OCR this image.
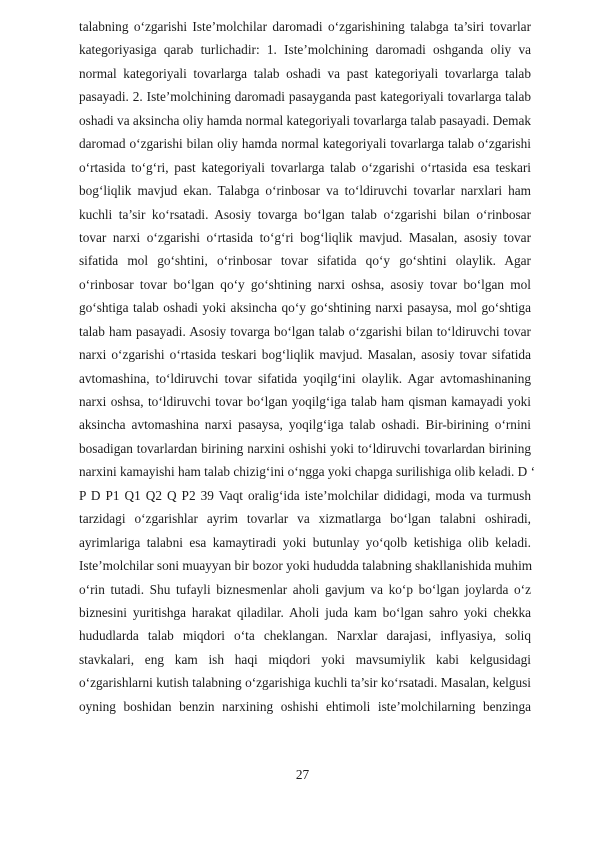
talabning o‘zgarishi Iste’molchilar daromadi o‘zgarishining talabga ta’siri tovarlar
kategoriyasiga qarab turlichadir: 1. Iste’molchining daromadi oshganda oliy va
normal kategoriyali tovarlarga talab oshadi va past kategoriyali tovarlarga talab
pasayadi. 2. Iste’molchining daromadi pasayganda past kategoriyali tovarlarga talab
oshadi va aksincha oliy hamda normal kategoriyali tovarlarga talab pasayadi. Demak
daromad o‘zgarishi bilan oliy hamda normal kategoriyali tovarlarga talab o‘zgarishi
o‘rtasida to‘g‘ri, past kategoriyali tovarlarga talab o‘zgarishi o‘rtasida esa teskari
bog‘liqlik mavjud ekan. Talabga o‘rinbosar va to‘ldiruvchi tovarlar narxlari ham
kuchli ta’sir ko‘rsatadi. Asosiy tovarga bo‘lgan talab o‘zgarishi bilan o‘rinbosar
tovar narxi o‘zgarishi o‘rtasida to‘g‘ri bog‘liqlik mavjud. Masalan, asosiy tovar
sifatida mol go‘shtini, o‘rinbosar tovar sifatida qo‘y go‘shtini olaylik. Agar
o‘rinbosar tovar bo‘lgan qo‘y go‘shtining narxi oshsa, asosiy tovar bo‘lgan mol
go‘shtiga talab oshadi yoki aksincha qo‘y go‘shtining narxi pasaysa, mol go‘shtiga
talab ham pasayadi. Asosiy tovarga bo‘lgan talab o‘zgarishi bilan to‘ldiruvchi tovar
narxi o‘zgarishi o‘rtasida teskari bog‘liqlik mavjud. Masalan, asosiy tovar sifatida
avtomashina, to‘ldiruvchi tovar sifatida yoqilg‘ini olaylik. Agar avtomashinaning
narxi oshsa, to‘ldiruvchi tovar bo‘lgan yoqilg‘iga talab ham qisman kamayadi yoki
aksincha avtomashina narxi pasaysa, yoqilg‘iga talab oshadi. Bir-birining o‘rnini
bosadigan tovarlardan birining narxini oshishi yoki to‘ldiruvchi tovarlardan birining
narxini kamayishi ham talab chizig‘ini o‘ngga yoki chapga surilishiga olib keladi. D ‘
P D P1 Q1 Q2 Q P2 39 Vaqt oralig‘ida iste’molchilar dididagi, moda va turmush
tarzidagi o‘zgarishlar ayrim tovarlar va xizmatlarga bo‘lgan talabni oshiradi,
ayrimlariga talabni esa kamaytiradi yoki butunlay yo‘qolb ketishiga olib keladi.
Iste’molchilar soni muayyan bir bozor yoki hududda talabning shakllanishida muhim
o‘rin tutadi. Shu tufayli biznesmenlar aholi gavjum va ko‘p bo‘lgan joylarda o‘z
biznesini yuritishga harakat qiladilar. Aholi juda kam bo‘lgan sahro yoki chekka
hududlarda talab miqdori o‘ta cheklangan. Narxlar darajasi, inflyasiya, soliq
stavkalari, eng kam ish haqi miqdori yoki mavsumiylik kabi kelgusidagi
o‘zgarishlarni kutish talabning o‘zgarishiga kuchli ta’sir ko‘rsatadi. Masalan, kelgusi
oyning boshidan benzin narxining oshishi ehtimoli iste’molchilarning benzinga
27
